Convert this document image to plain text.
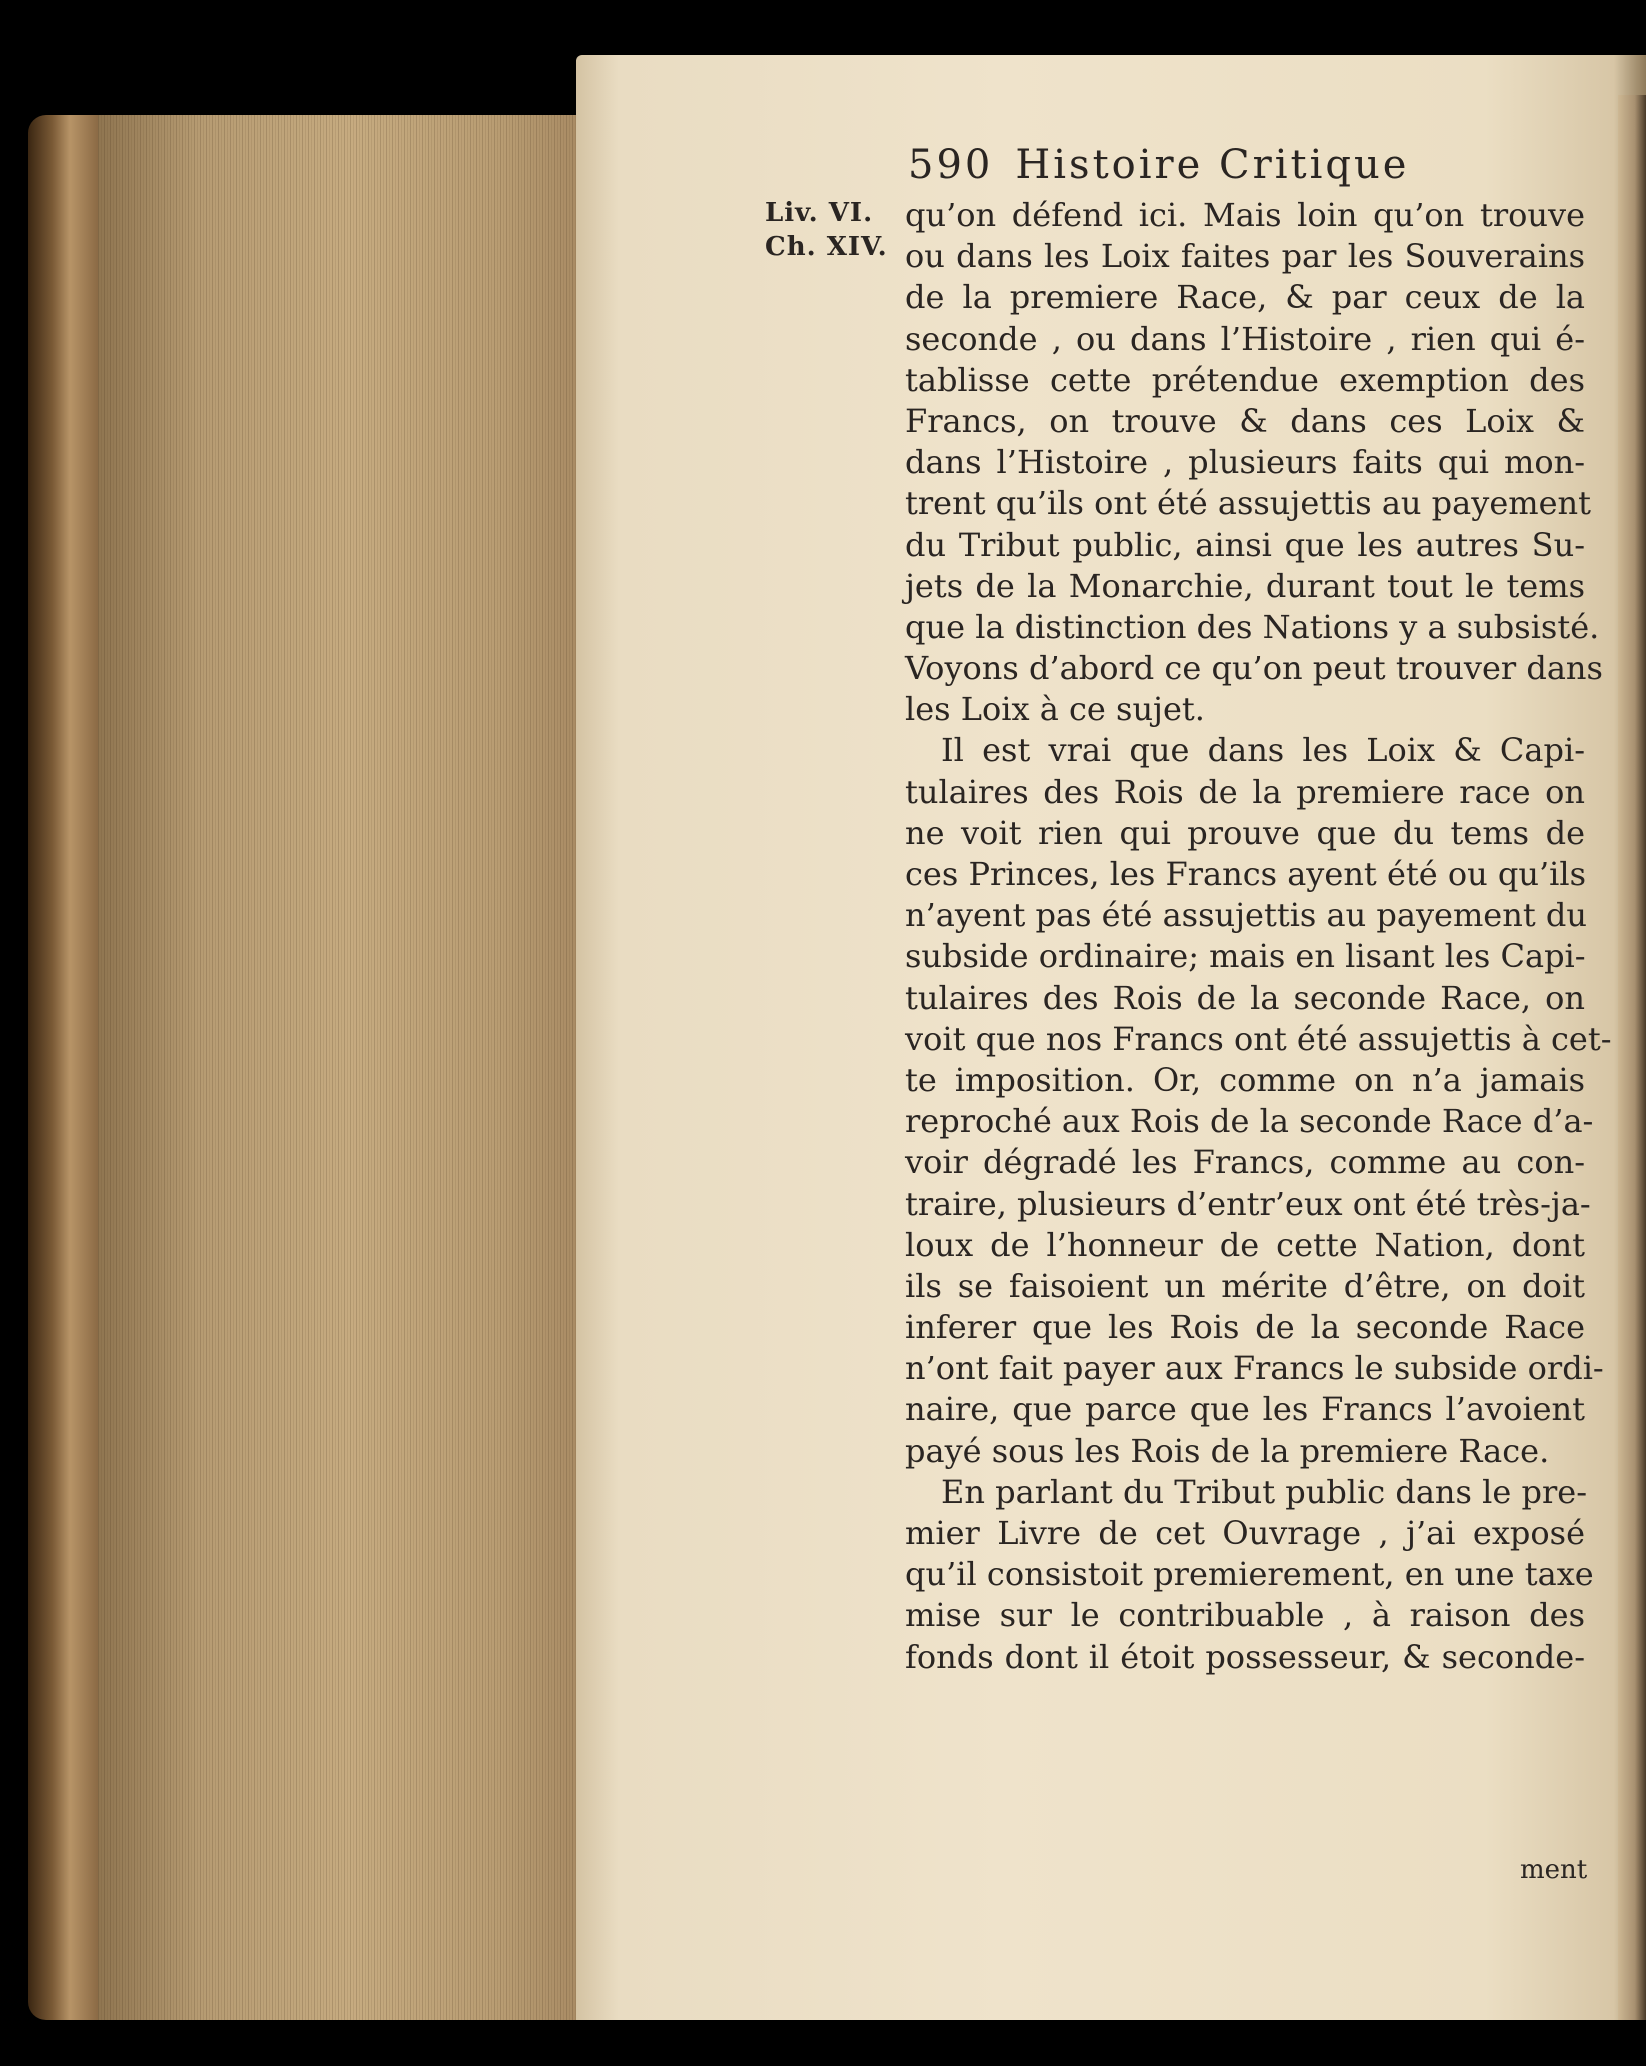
590 Histoire Critique
Liv. VI.
Ch. XIV.
qu’on défend ici. Mais loin qu’on trouve
ou dans les Loix faites par les Souverains
de la premiere Race, & par ceux de la
seconde , ou dans l’Histoire , rien qui é-
tablisse cette prétendue exemption des
Francs, on trouve & dans ces Loix &
dans l’Histoire , plusieurs faits qui mon-
trent qu’ils ont été assujettis au payement
du Tribut public, ainsi que les autres Su-
jets de la Monarchie, durant tout le tems
que la distinction des Nations y a subsisté.
Voyons d’abord ce qu’on peut trouver dans
les Loix à ce sujet.
Il est vrai que dans les Loix & Capi-
tulaires des Rois de la premiere race on
ne voit rien qui prouve que du tems de
ces Princes, les Francs ayent été ou qu’ils
n’ayent pas été assujettis au payement du
subside ordinaire; mais en lisant les Capi-
tulaires des Rois de la seconde Race, on
voit que nos Francs ont été assujettis à cet-
te imposition. Or, comme on n’a jamais
reproché aux Rois de la seconde Race d’a-
voir dégradé les Francs, comme au con-
traire, plusieurs d’entr’eux ont été très-ja-
loux de l’honneur de cette Nation, dont
ils se faisoient un mérite d’être, on doit
inferer que les Rois de la seconde Race
n’ont fait payer aux Francs le subside ordi-
naire, que parce que les Francs l’avoient
payé sous les Rois de la premiere Race.
En parlant du Tribut public dans le pre-
mier Livre de cet Ouvrage , j’ai exposé
qu’il consistoit premierement, en une taxe
mise sur le contribuable , à raison des
fonds dont il étoit possesseur, & seconde-
ment
